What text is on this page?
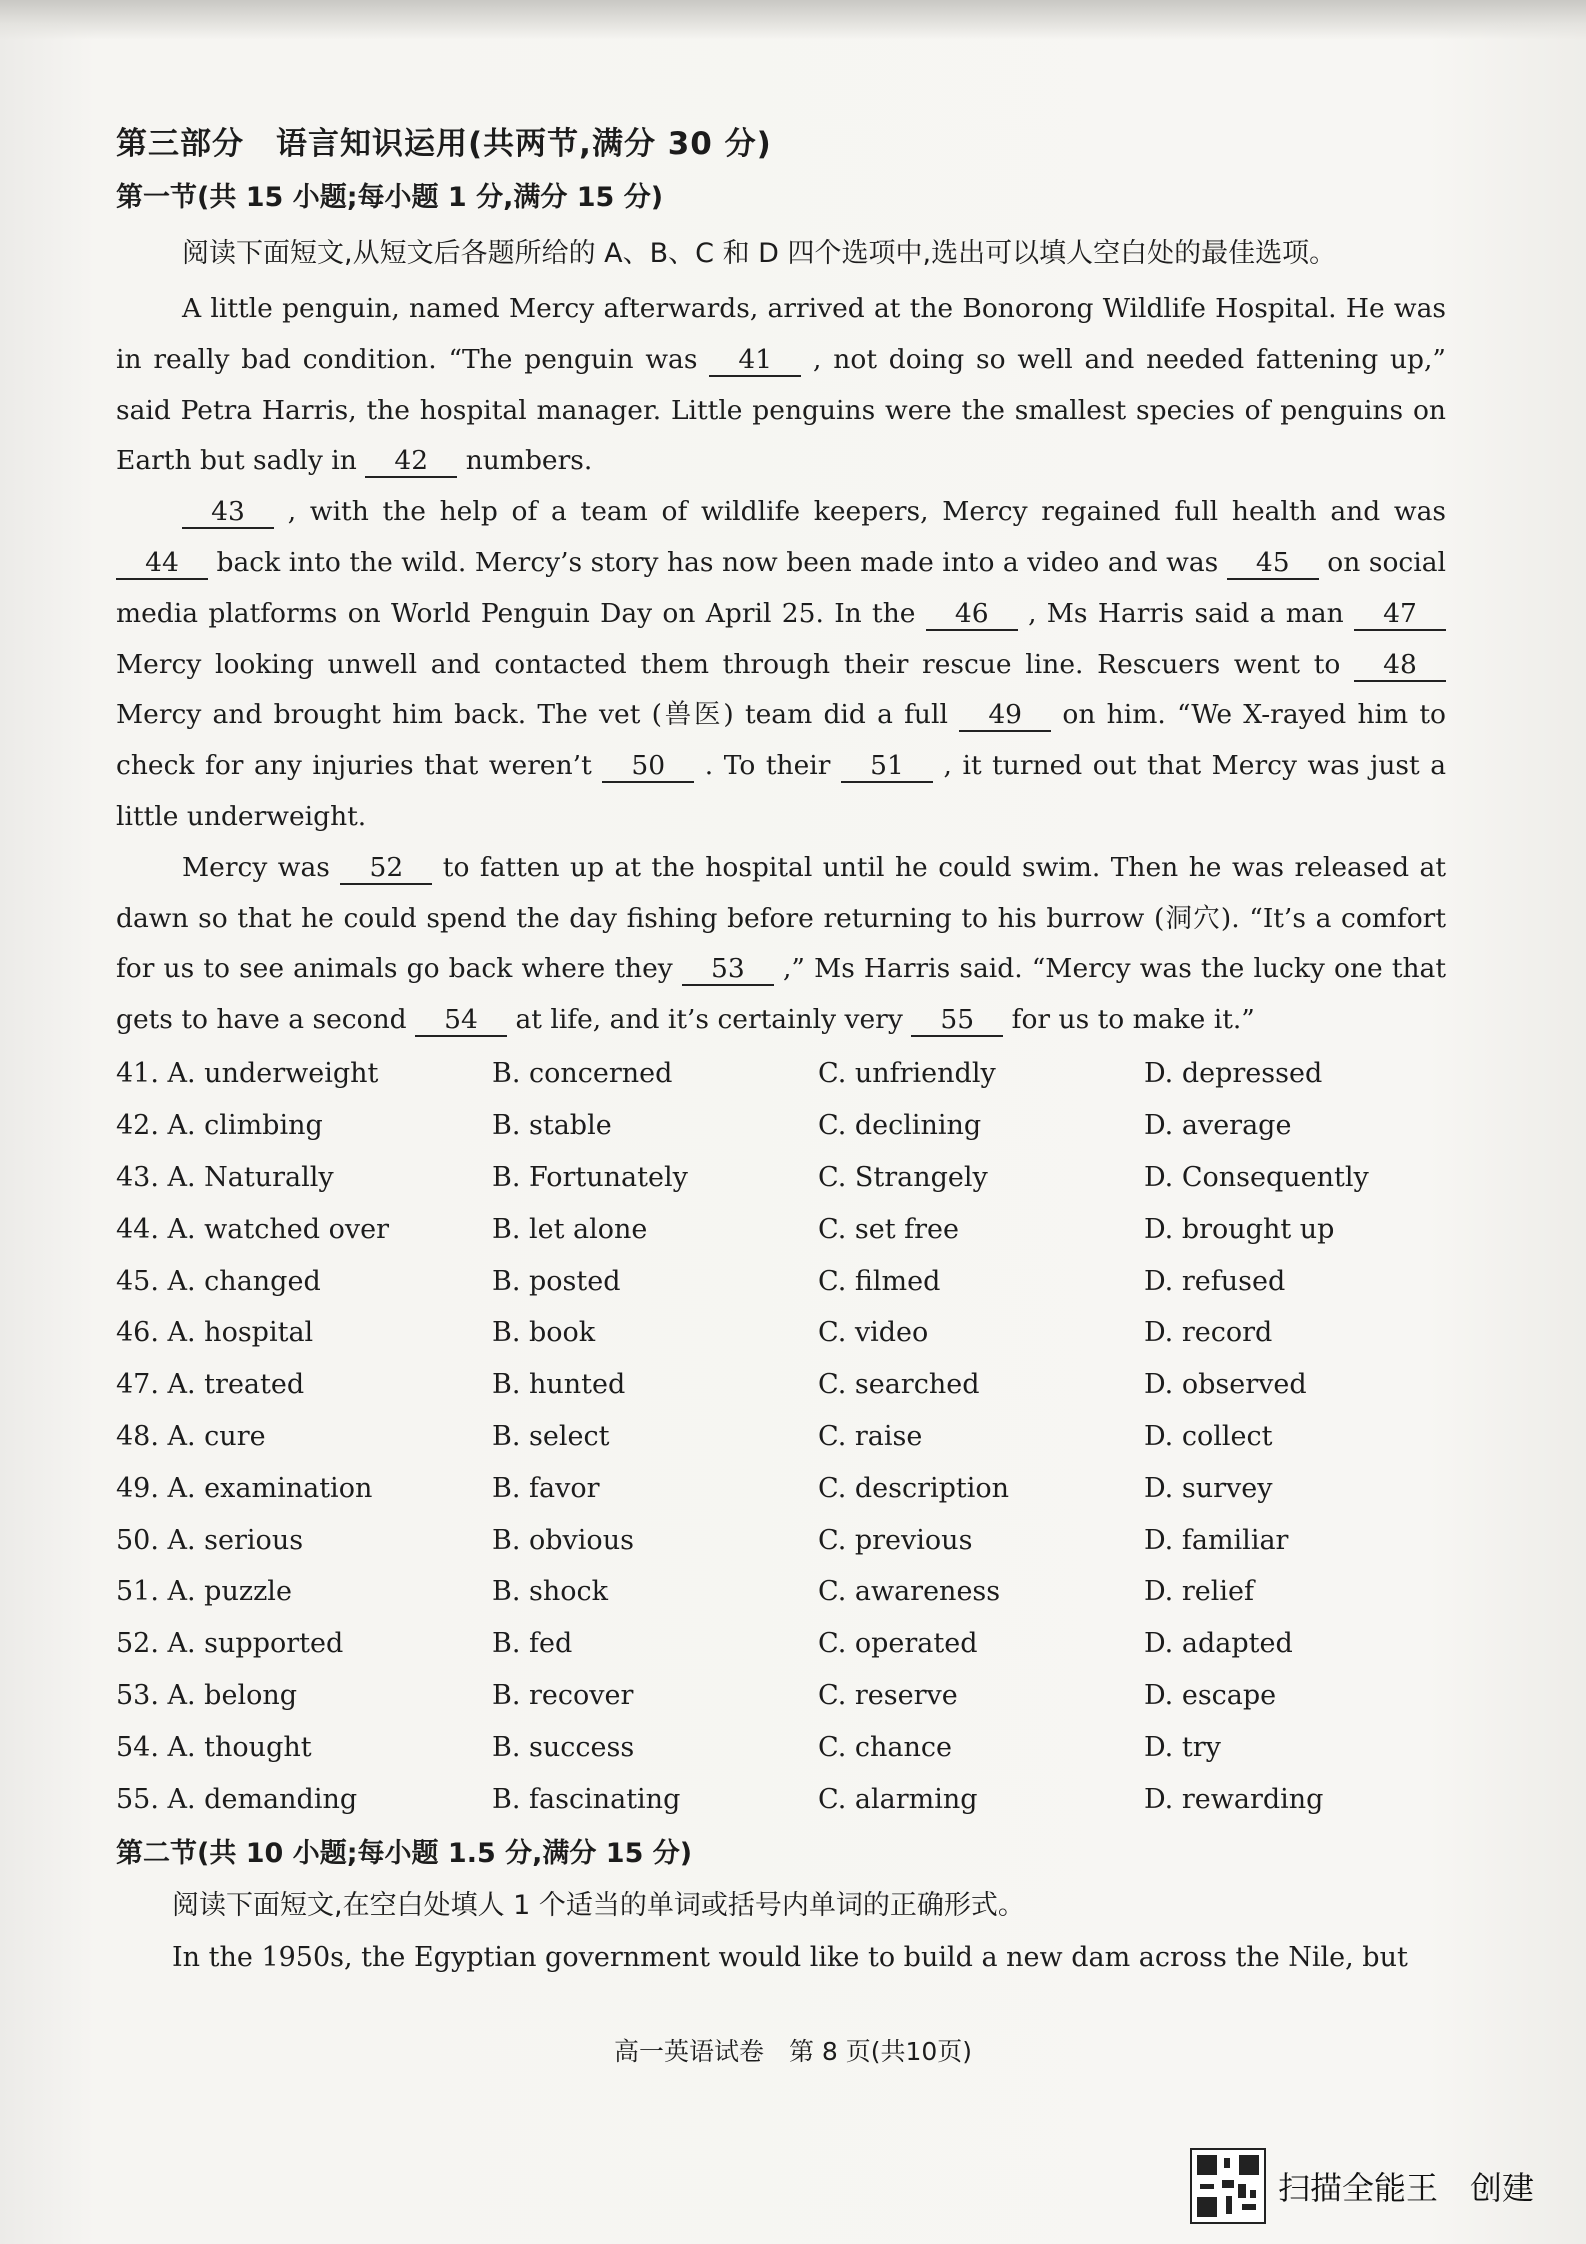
第三部分　语言知识运用(共两节,满分 30 分)
第一节(共 15 小题;每小题 1 分,满分 15 分)

阅读下面短文,从短文后各题所给的 A、B、C 和 D 四个选项中,选出可以填人空白处的最佳选项。

A little penguin, named Mercy afterwards, arrived at the Bonorong Wildlife Hospital. He was in really bad condition. “The penguin was 41 , not doing so well and needed fattening up,” said Petra Harris, the hospital manager. Little penguins were the smallest species of penguins on Earth but sadly in 42 numbers.

43 , with the help of a team of wildlife keepers, Mercy regained full health and was 44 back into the wild. Mercy’s story has now been made into a video and was 45 on social media platforms on World Penguin Day on April 25. In the 46 , Ms Harris said a man 47 Mercy looking unwell and contacted them through their rescue line. Rescuers went to 48 Mercy and brought him back. The vet (兽医) team did a full 49 on him. “We X-rayed him to check for any injuries that weren’t 50 . To their 51 , it turned out that Mercy was just a little underweight.

Mercy was 52 to fatten up at the hospital until he could swim. Then he was released at dawn so that he could spend the day fishing before returning to his burrow (洞穴). “It’s a comfort for us to see animals go back where they 53 ,” Ms Harris said. “Mercy was the lucky one that gets to have a second 54 at life, and it’s certainly very 55 for us to make it.”

41. A. underweight	B. concerned	C. unfriendly	D. depressed
42. A. climbing	B. stable	C. declining	D. average
43. A. Naturally	B. Fortunately	C. Strangely	D. Consequently
44. A. watched over	B. let alone	C. set free	D. brought up
45. A. changed	B. posted	C. filmed	D. refused
46. A. hospital	B. book	C. video	D. record
47. A. treated	B. hunted	C. searched	D. observed
48. A. cure	B. select	C. raise	D. collect
49. A. examination	B. favor	C. description	D. survey
50. A. serious	B. obvious	C. previous	D. familiar
51. A. puzzle	B. shock	C. awareness	D. relief
52. A. supported	B. fed	C. operated	D. adapted
53. A. belong	B. recover	C. reserve	D. escape
54. A. thought	B. success	C. chance	D. try
55. A. demanding	B. fascinating	C. alarming	D. rewarding
第二节(共 10 小题;每小题 1.5 分,满分 15 分)

阅读下面短文,在空白处填人 1 个适当的单词或括号内单词的正确形式。

In the 1950s, the Egyptian government would like to build a new dam across the Nile, but

高一英语试卷　第 8 页(共10页)
扫描全能王　创建
